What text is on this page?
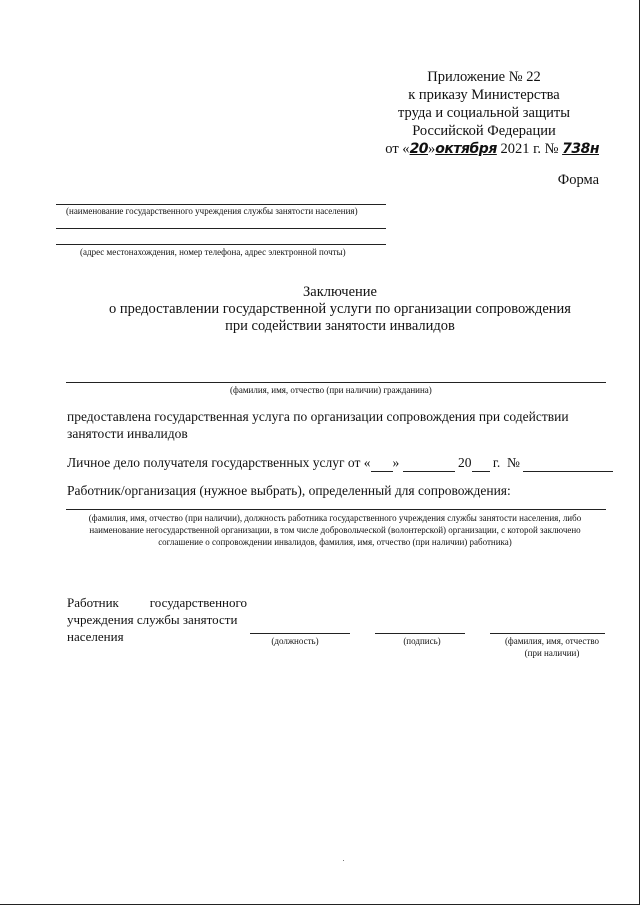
Приложение № 22
к приказу Министерства
труда и социальной защиты
Российской Федерации
от «20»октября 2021 г. № 738н
Форма
(наименование государственного учреждения службы занятости населения)
(адрес местонахождения, номер телефона, адрес электронной почты)
Заключение
о предоставлении государственной услуги по организации сопровождения
при содействии занятости инвалидов
(фамилия, имя, отчество (при наличии) гражданина)
предоставлена государственная услуга по организации сопровождения при содействии занятости инвалидов
Личное дело получателя государственных услуг от « »	20 г. №
Работник/организация (нужное выбрать), определенный для сопровождения:
(фамилия, имя, отчество (при наличии), должность работника государственного учреждения службы занятости населения, либо наименование негосударственной организации, в том числе добровольческой (волонтерской) организации, с которой заключено соглашение о сопровождении инвалидов, фамилия, имя, отчество (при наличии) работника)
Работник государственного
учреждения службы занятости
населения	(должность)	(подпись)	(фамилия, имя, отчество
(при наличии)
